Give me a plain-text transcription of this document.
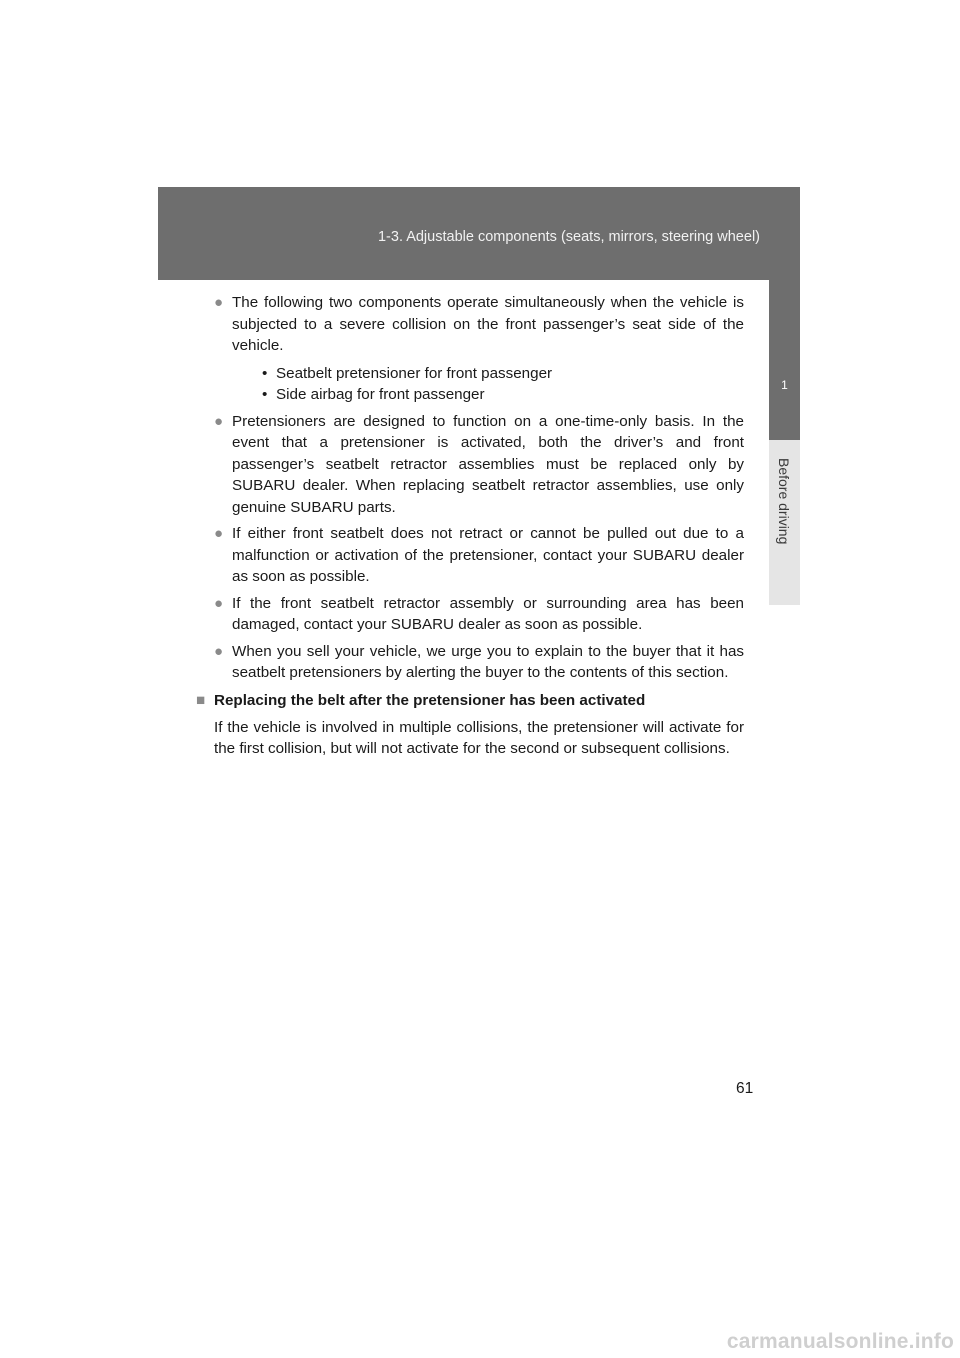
1-3. Adjustable components (seats, mirrors, steering wheel)
1
Before driving
● The following two components operate simultaneously when the vehicle is subjected to a severe collision on the front passenger’s seat side of the vehicle.
• Seatbelt pretensioner for front passenger
• Side airbag for front passenger
● Pretensioners are designed to function on a one-time-only basis. In the event that a pretensioner is activated, both the driver’s and front passenger’s seatbelt retractor assemblies must be replaced only by SUBARU dealer. When replacing seatbelt retractor assemblies, use only genuine SUBARU parts.
● If either front seatbelt does not retract or cannot be pulled out due to a malfunction or activation of the pretensioner, contact your SUBARU dealer as soon as possible.
● If the front seatbelt retractor assembly or surrounding area has been damaged, contact your SUBARU dealer as soon as possible.
● When you sell your vehicle, we urge you to explain to the buyer that it has seatbelt pretensioners by alerting the buyer to the contents of this section.
■ Replacing the belt after the pretensioner has been activated
If the vehicle is involved in multiple collisions, the pretensioner will activate for the first collision, but will not activate for the second or subsequent collisions.
61
carmanualsonline.info
